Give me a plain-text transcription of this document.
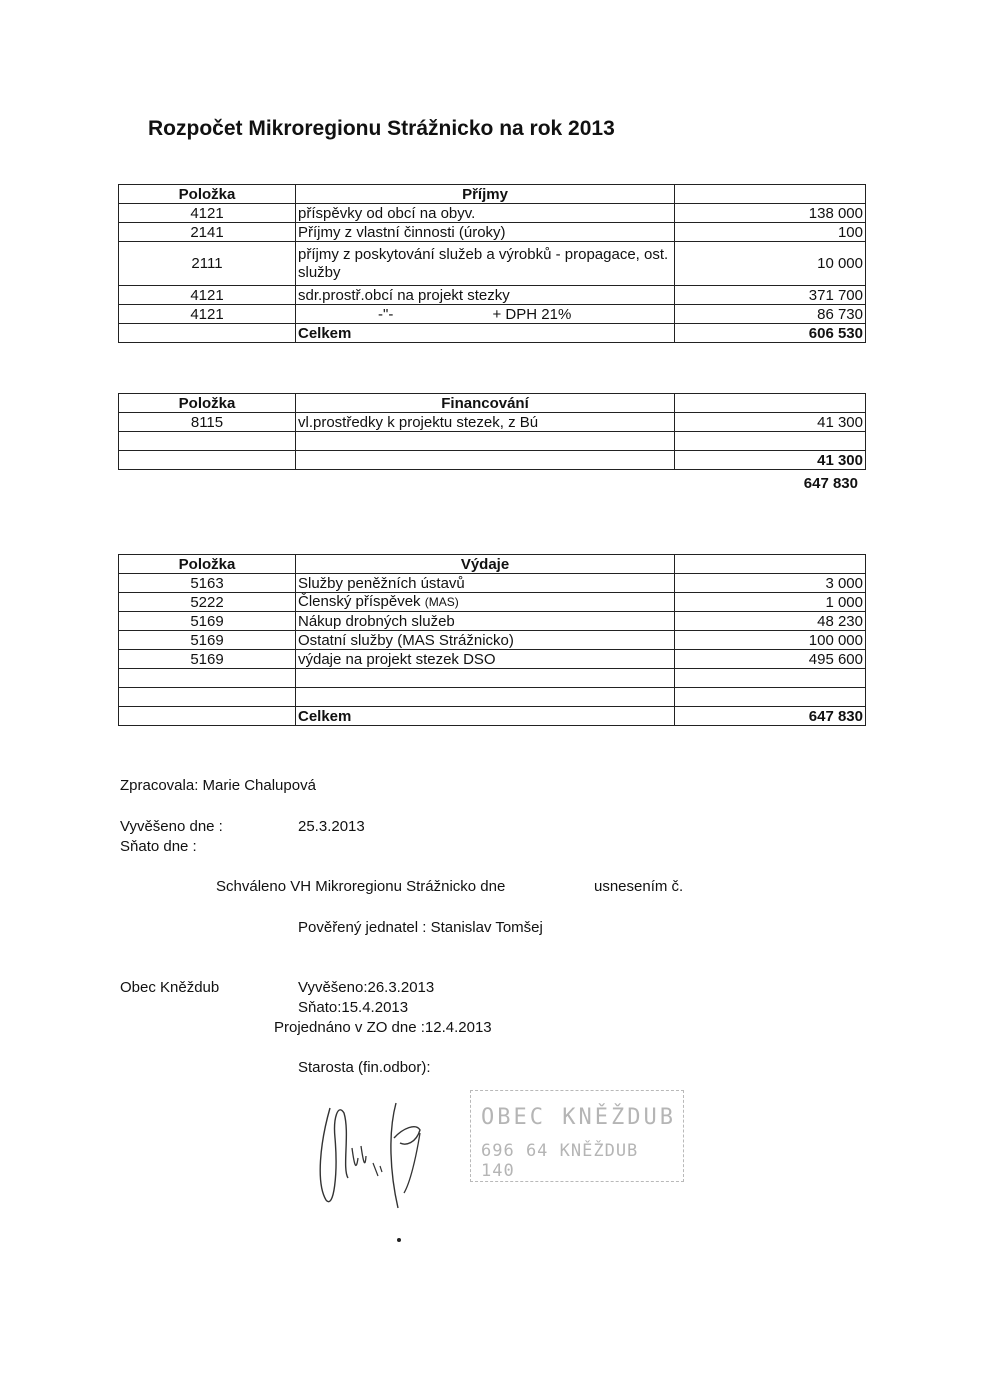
Rozpočet Mikroregionu Strážnicko na rok 2013
Položka	Příjmy	
4121	příspěvky od obcí na obyv.	138 000
2141	Příjmy z vlastní činnosti (úroky)	100
2111	příjmy z poskytování služeb a výrobků - propagace, ost. služby	10 000
4121	sdr.prostř.obcí na projekt stezky	371 700
4121	-"- + DPH 21%	86 730
	Celkem	606 530
Položka	Financování	
8115	vl.prostředky k projektu stezek, z Bú	41 300

		41 300
647 830
Položka	Výdaje	
5163	Služby peněžních ústavů	3 000
5222	Členský příspěvek (MAS)	1 000
5169	Nákup drobných služeb	48 230
5169	Ostatní služby (MAS Strážnicko)	100 000
5169	výdaje na projekt stezek DSO	495 600

	Celkem	647 830
Zpracovala: Marie Chalupová
Vyvěšeno dne :	25.3.2013
Sňato dne :
Schváleno VH Mikroregionu Strážnicko dne	usnesením č.
Pověřený jednatel : Stanislav Tomšej
Obec Kněždub	Vyvěšeno:26.3.2013
Sňato:15.4.2013
Projednáno v ZO dne :12.4.2013
Starosta (fin.odbor):
OBEC KNĚŽDUB
696 64 KNĚŽDUB 140
